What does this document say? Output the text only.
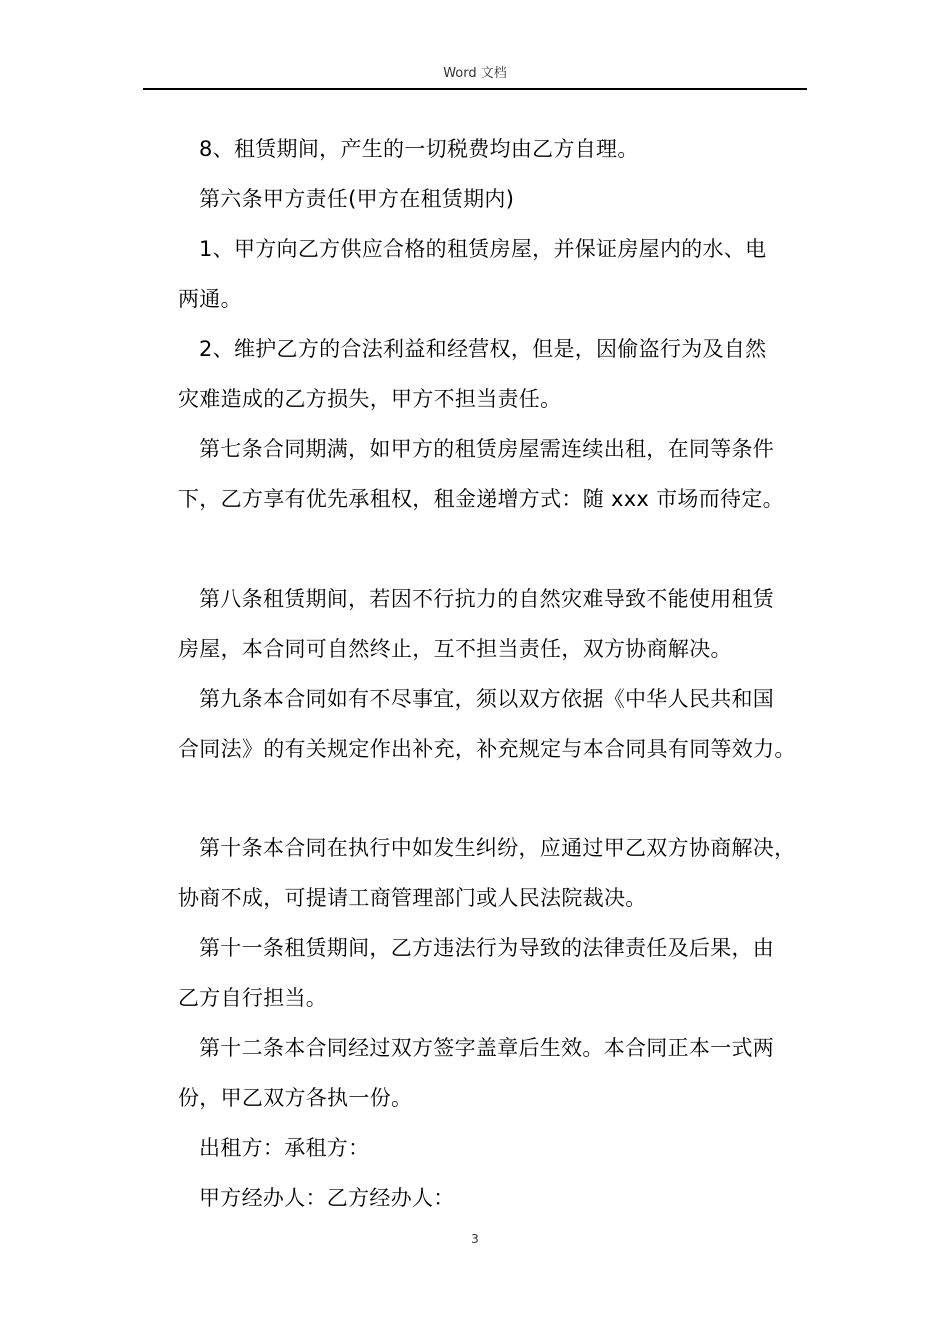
Word 文档
8、租赁期间，产生的一切税费均由乙方自理。
第六条甲方责任(甲方在租赁期内)
1、甲方向乙方供应合格的租赁房屋，并保证房屋内的水、电
两通。
2、维护乙方的合法利益和经营权，但是，因偷盗行为及自然
灾难造成的乙方损失，甲方不担当责任。
第七条合同期满，如甲方的租赁房屋需连续出租，在同等条件
下，乙方享有优先承租权，租金递增方式：随 xxx 市场而待定。
第八条租赁期间，若因不行抗力的自然灾难导致不能使用租赁
房屋，本合同可自然终止，互不担当责任，双方协商解决。
第九条本合同如有不尽事宜，须以双方依据《中华人民共和国
合同法》的有关规定作出补充，补充规定与本合同具有同等效力。
第十条本合同在执行中如发生纠纷，应通过甲乙双方协商解决，
协商不成，可提请工商管理部门或人民法院裁决。
第十一条租赁期间，乙方违法行为导致的法律责任及后果，由
乙方自行担当。
第十二条本合同经过双方签字盖章后生效。本合同正本一式两
份，甲乙双方各执一份。
出租方：承租方：
甲方经办人：乙方经办人：
3
